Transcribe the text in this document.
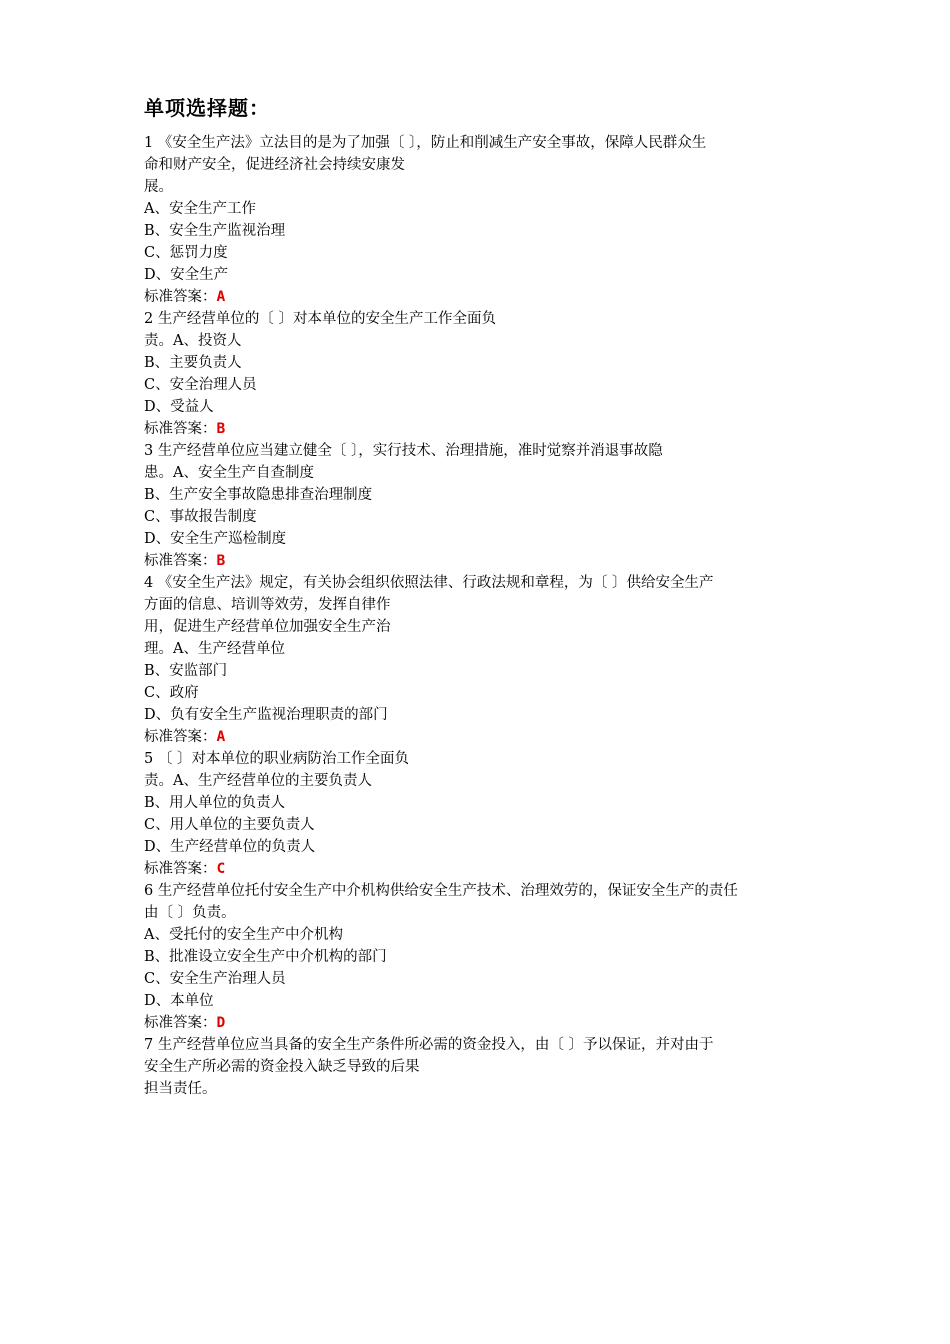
单项选择题：
1 《安全生产法》立法目的是为了加强〔 〕，防止和削减生产安全事故，保障人民群众生
命和财产安全，促进经济社会持续安康发
展。
A、安全生产工作
B、安全生产监视治理
C、惩罚力度
D、安全生产
标准答案：A
2 生产经营单位的〔 〕对本单位的安全生产工作全面负
责。A、投资人
B、主要负责人
C、安全治理人员
D、受益人
标准答案：B
3 生产经营单位应当建立健全〔 〕，实行技术、治理措施，准时觉察并消退事故隐
患。A、安全生产自查制度
B、生产安全事故隐患排查治理制度
C、事故报告制度
D、安全生产巡检制度
标准答案：B
4 《安全生产法》规定，有关协会组织依照法律、行政法规和章程，为〔 〕供给安全生产
方面的信息、培训等效劳，发挥自律作
用，促进生产经营单位加强安全生产治
理。A、生产经营单位
B、安监部门
C、政府
D、负有安全生产监视治理职责的部门
标准答案：A
5 〔 〕对本单位的职业病防治工作全面负
责。A、生产经营单位的主要负责人
B、用人单位的负责人
C、用人单位的主要负责人
D、生产经营单位的负责人
标准答案：C
6 生产经营单位托付安全生产中介机构供给安全生产技术、治理效劳的，保证安全生产的责任
由〔 〕负责。
A、受托付的安全生产中介机构
B、批准设立安全生产中介机构的部门
C、安全生产治理人员
D、本单位
标准答案：D
7 生产经营单位应当具备的安全生产条件所必需的资金投入，由〔 〕予以保证，并对由于
安全生产所必需的资金投入缺乏导致的后果
担当责任。
